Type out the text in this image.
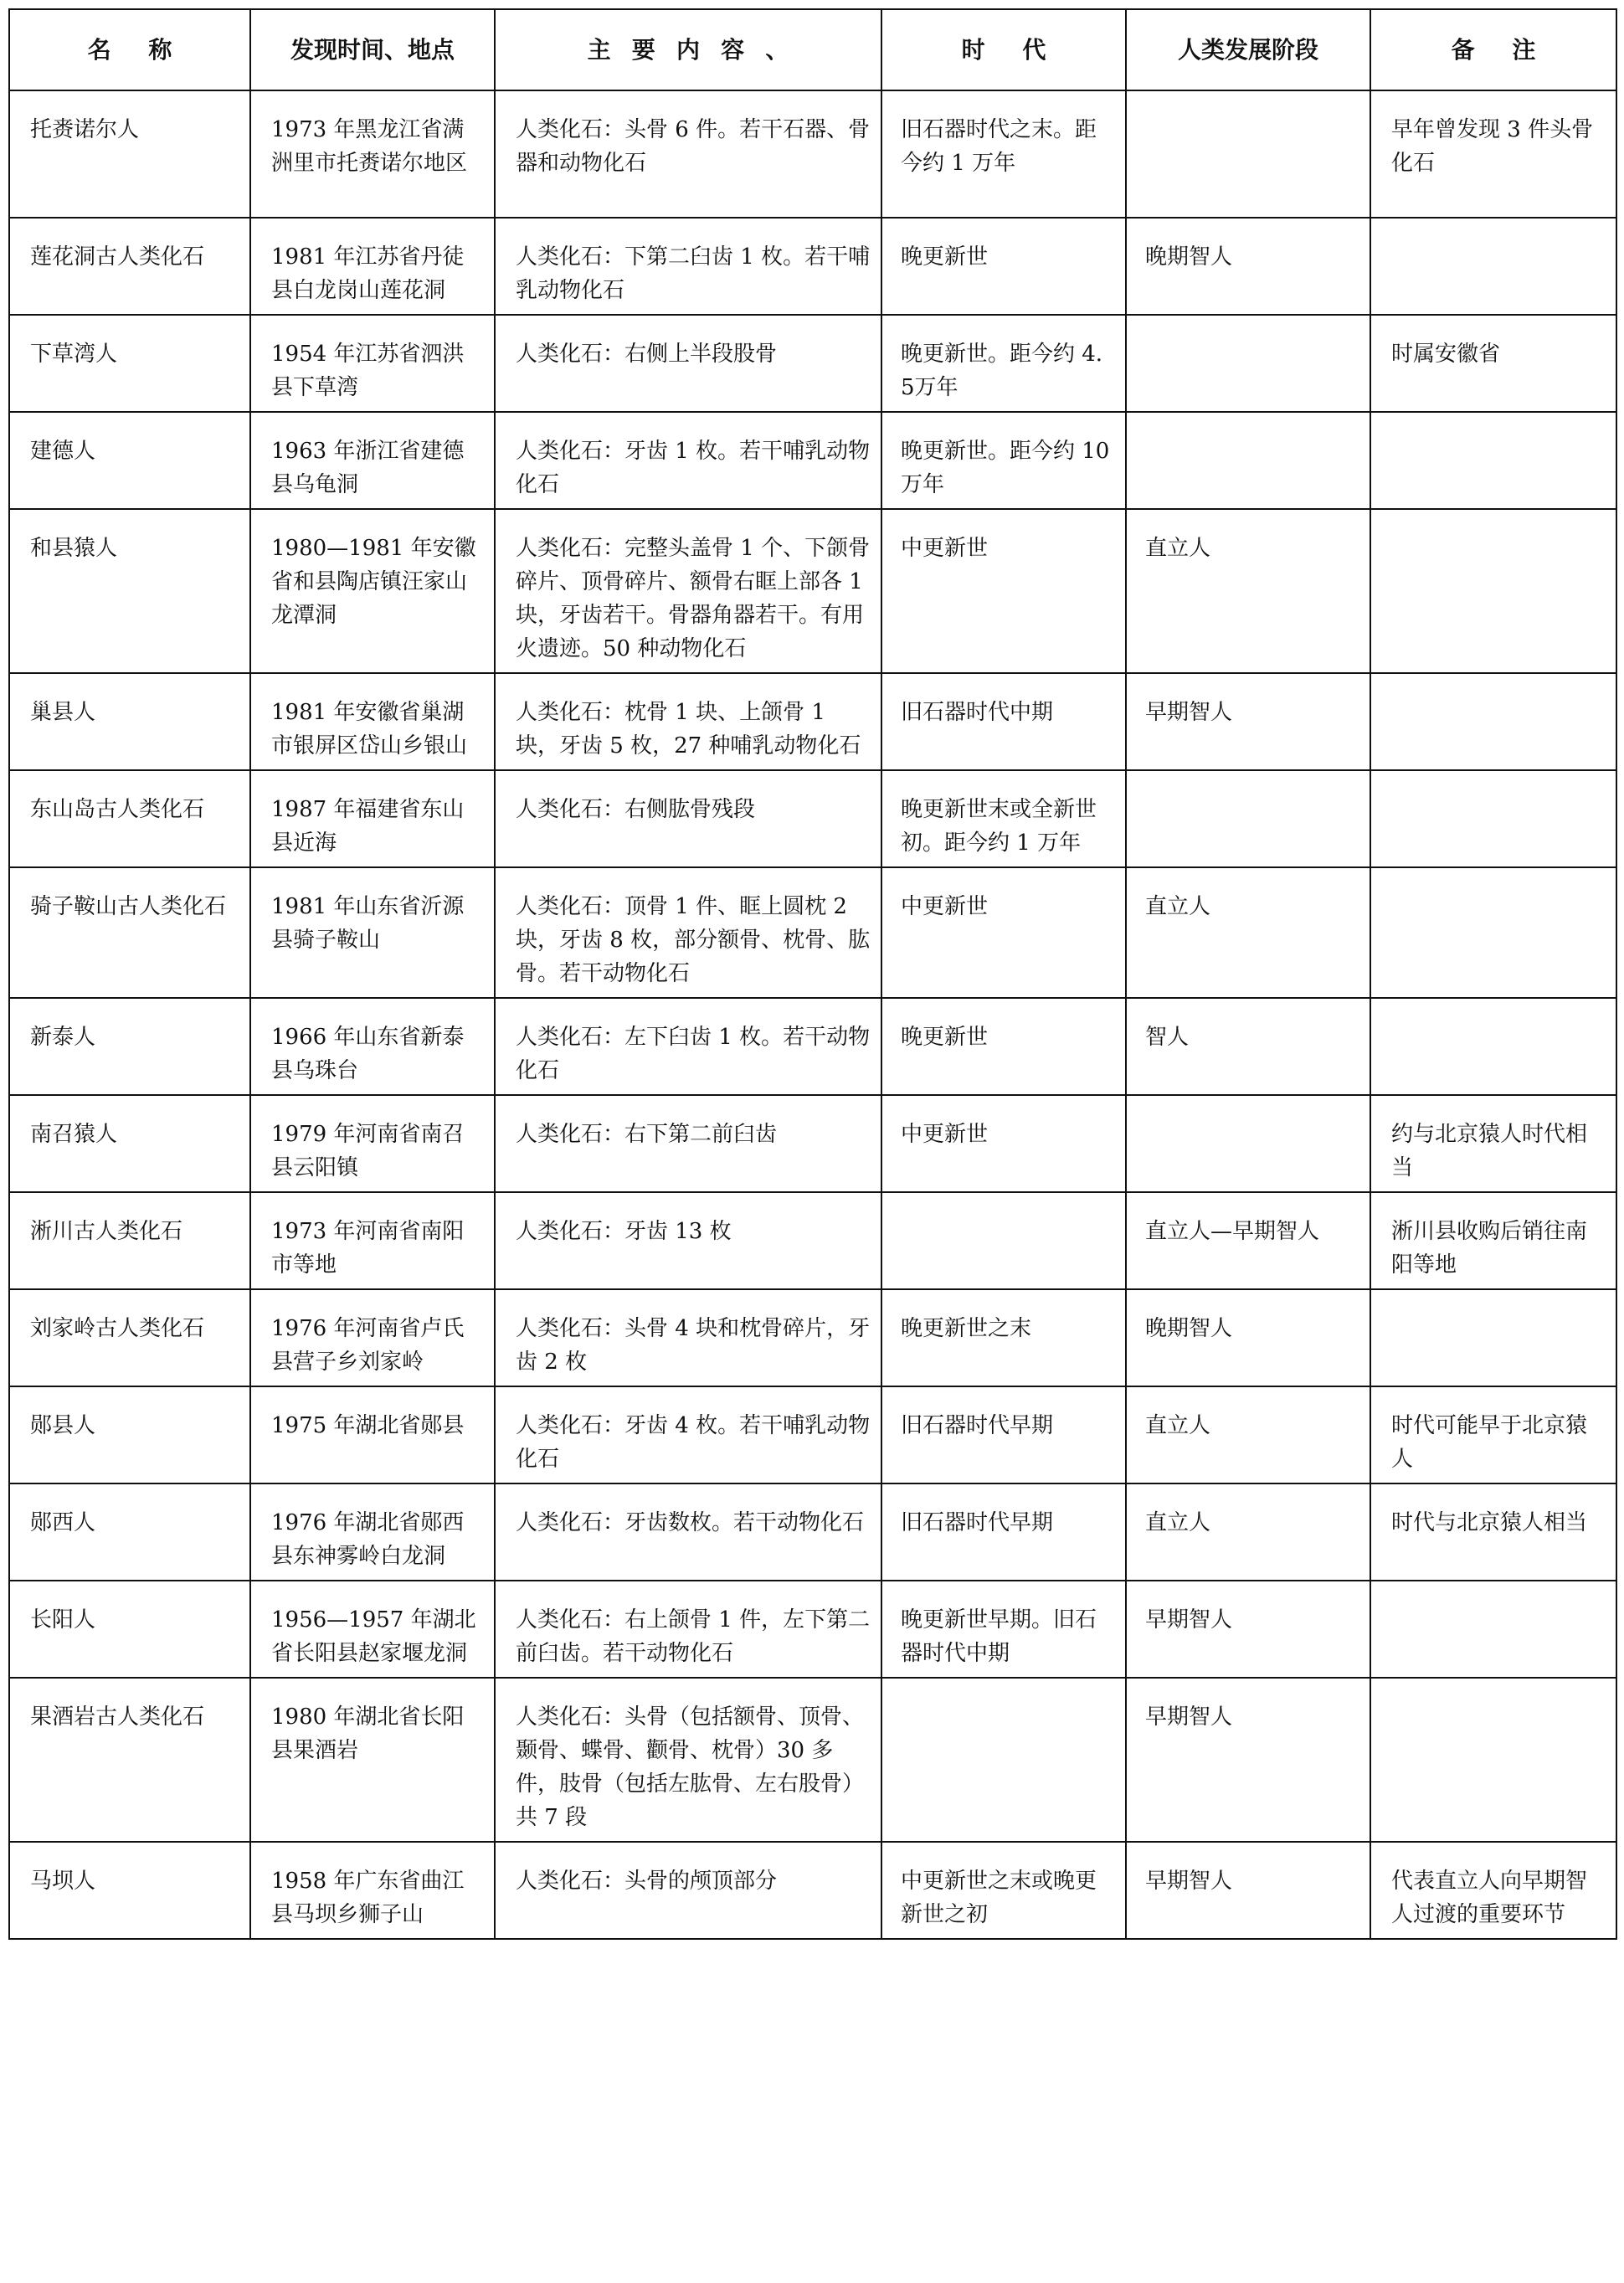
名称	发现时间、地点	主要内容、	时代	人类发展阶段	备注
托赉诺尔人	1973 年黑龙江省满洲里市托赉诺尔地区	人类化石：头骨 6 件。若干石器、骨器和动物化石	旧石器时代之末。距今约 1 万年		早年曾发现 3 件头骨化石
莲花洞古人类化石	1981 年江苏省丹徒县白龙岗山莲花洞	人类化石：下第二臼齿 1 枚。若干哺乳动物化石	晚更新世	晚期智人	
下草湾人	1954 年江苏省泗洪县下草湾	人类化石：右侧上半段股骨	晚更新世。距今约 4.5万年		时属安徽省
建德人	1963 年浙江省建德县乌龟洞	人类化石：牙齿 1 枚。若干哺乳动物化石	晚更新世。距今约 10 万年		
和县猿人	1980—1981 年安徽省和县陶店镇汪家山龙潭洞	人类化石：完整头盖骨 1 个、下颌骨碎片、顶骨碎片、额骨右眶上部各 1 块，牙齿若干。骨器角器若干。有用火遗迹。50 种动物化石	中更新世	直立人	
巢县人	1981 年安徽省巢湖市银屏区岱山乡银山	人类化石：枕骨 1 块、上颌骨 1 块，牙齿 5 枚，27 种哺乳动物化石	旧石器时代中期	早期智人	
东山岛古人类化石	1987 年福建省东山县近海	人类化石：右侧肱骨残段	晚更新世末或全新世初。距今约 1 万年		
骑子鞍山古人类化石	1981 年山东省沂源县骑子鞍山	人类化石：顶骨 1 件、眶上圆枕 2 块，牙齿 8 枚，部分额骨、枕骨、肱骨。若干动物化石	中更新世	直立人	
新泰人	1966 年山东省新泰县乌珠台	人类化石：左下臼齿 1 枚。若干动物化石	晚更新世	智人	
南召猿人	1979 年河南省南召县云阳镇	人类化石：右下第二前臼齿	中更新世		约与北京猿人时代相当
淅川古人类化石	1973 年河南省南阳市等地	人类化石：牙齿 13 枚		直立人—早期智人	淅川县收购后销往南阳等地
刘家岭古人类化石	1976 年河南省卢氏县营子乡刘家岭	人类化石：头骨 4 块和枕骨碎片，牙齿 2 枚	晚更新世之末	晚期智人	
郧县人	1975 年湖北省郧县	人类化石：牙齿 4 枚。若干哺乳动物化石	旧石器时代早期	直立人	时代可能早于北京猿人
郧西人	1976 年湖北省郧西县东神雾岭白龙洞	人类化石：牙齿数枚。若干动物化石	旧石器时代早期	直立人	时代与北京猿人相当
长阳人	1956—1957 年湖北省长阳县赵家堰龙洞	人类化石：右上颌骨 1 件，左下第二前臼齿。若干动物化石	晚更新世早期。旧石器时代中期	早期智人	
果酒岩古人类化石	1980 年湖北省长阳县果酒岩	人类化石：头骨（包括额骨、顶骨、颞骨、蝶骨、颧骨、枕骨）30 多件，肢骨（包括左肱骨、左右股骨）共 7 段		早期智人	
马坝人	1958 年广东省曲江县马坝乡狮子山	人类化石：头骨的颅顶部分	中更新世之末或晚更新世之初	早期智人	代表直立人向早期智人过渡的重要环节
